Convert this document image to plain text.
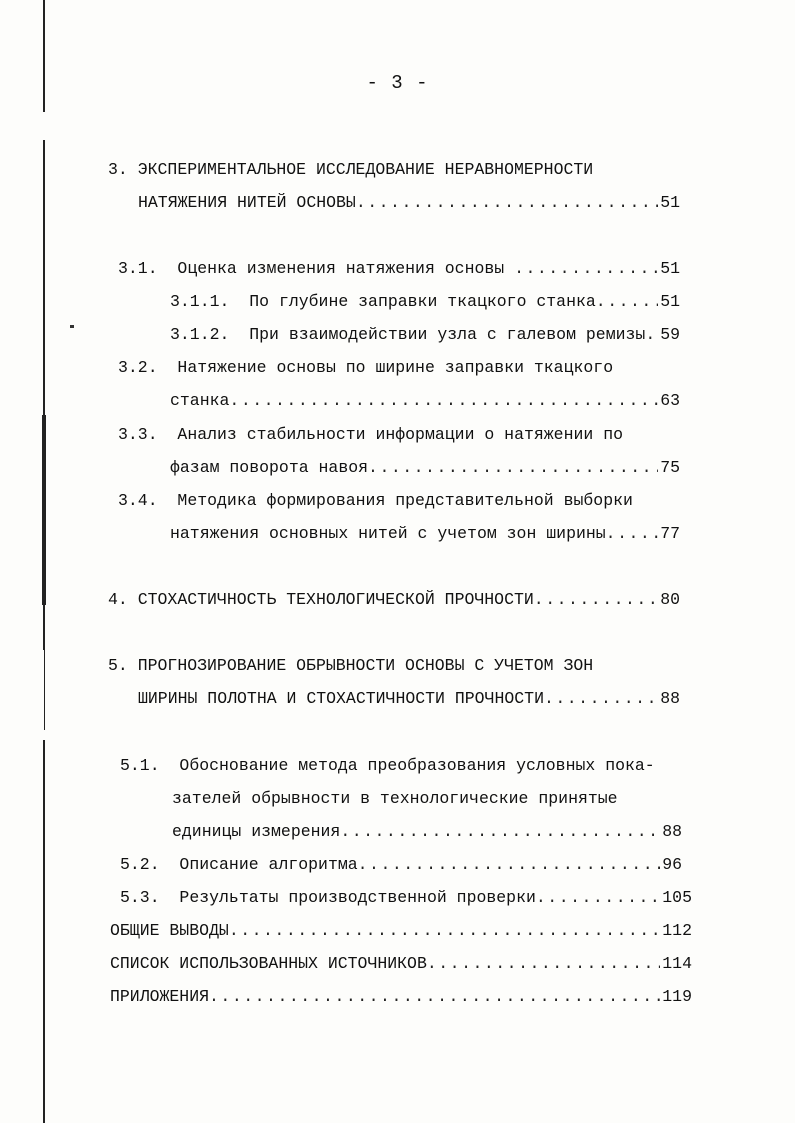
- 3 -
3. ЭКСПЕРИМЕНТАЛЬНОЕ ИССЛЕДОВАНИЕ НЕРАВНОМЕРНОСТИ
НАТЯЖЕНИЯ НИТЕЙ ОСНОВЫ .....	51
3.1.
Оценка изменения натяжения основы .....	51
3.1.1.
По глубине заправки ткацкого станка .....	51
3.1.2.
При взаимодействии узла с галевом ремизы ..... 59
3.2. Натяжение основы по ширине заправки ткацкого
станка .....	63
3.3. Анализ стабильности информации о натяжении по
фазам поворота навоя .....	75
3.4. Методика формирования представительной выборки
натяжения основных нитей с учетом зон ширины .....	77
4.
СТОХАСТИЧНОСТЬ ТЕХНОЛОГИЧЕСКОЙ ПРОЧНОСТИ .....	80
5. ПРОГНОЗИРОВАНИЕ ОБРЫВНОСТИ ОСНОВЫ С УЧЕТОМ ЗОН
ШИРИНЫ ПОЛОТНА И СТОХАСТИЧНОСТИ ПРОЧНОСТИ .....	88
5.1. Обоснование метода преобразования условных пока-
зателей обрывности в технологические принятые
единицы измерения .....	88
5.2.
Описание алгоритма .....	96
5.3.
Результаты производственной проверки .....	105
ОБЩИЕ ВЫВОДЫ .....	112
СПИСОК ИСПОЛЬЗОВАННЫХ ИСТОЧНИКОВ .....	114
ПРИЛОЖЕНИЯ .....	119
